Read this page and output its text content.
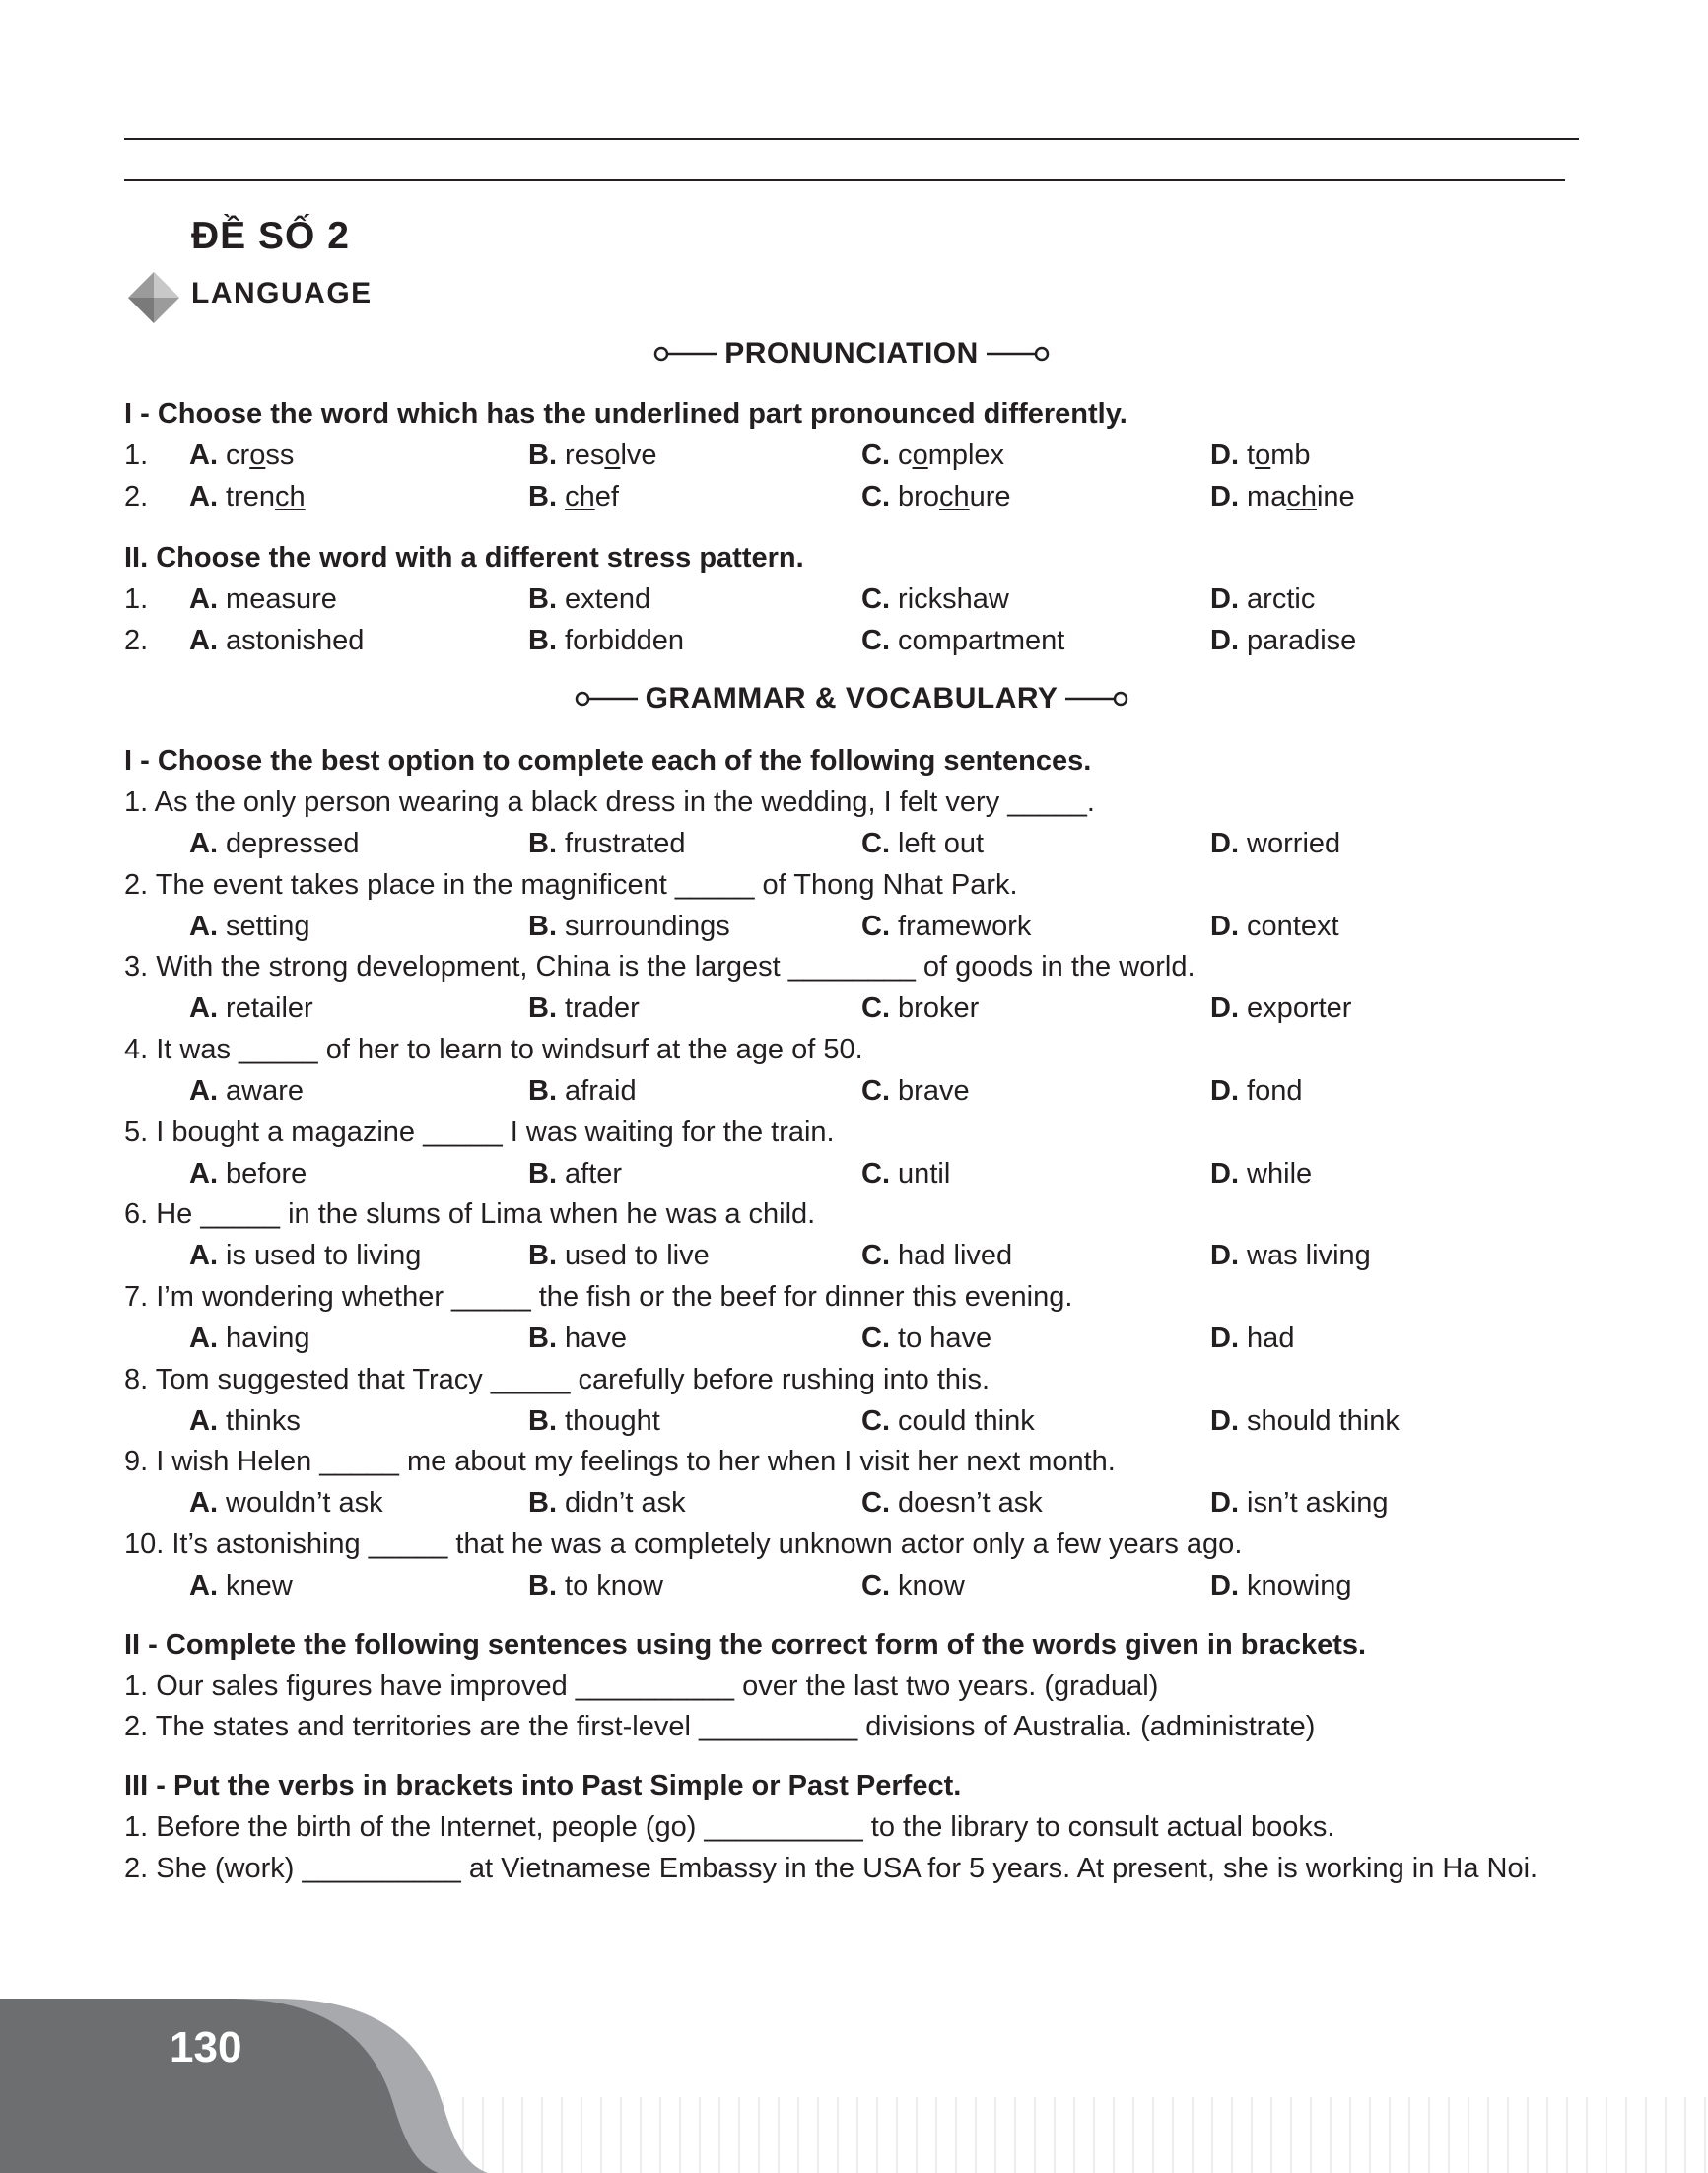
ĐỀ SỐ 2
LANGUAGE
PRONUNCIATION

I - Choose the word which has the underlined part pronounced differently.

1. A. cross	B. resolve	C. complex	D. tomb
2. A. trench	B. chef	C. brochure	D. machine

II. Choose the word with a different stress pattern.

1. A. measure	B. extend	C. rickshaw	D. arctic
2. A. astonished	B. forbidden	C. compartment	D. paradise
GRAMMAR & VOCABULARY

I - Choose the best option to complete each of the following sentences.

1. As the only person wearing a black dress in the wedding, I felt very _____.
A. depressed	B. frustrated	C. left out	D. worried
2. The event takes place in the magnificent _____ of Thong Nhat Park.
A. setting	B. surroundings	C. framework	D. context
3. With the strong development, China is the largest ________ of goods in the world.
A. retailer	B. trader	C. broker	D. exporter
4. It was _____ of her to learn to windsurf at the age of 50.
A. aware	B. afraid	C. brave	D. fond
5. I bought a magazine _____ I was waiting for the train.
A. before	B. after	C. until	D. while
6. He _____ in the slums of Lima when he was a child.
A. is used to living	B. used to live	C. had lived	D. was living
7. I’m wondering whether _____ the fish or the beef for dinner this evening.
A. having	B. have	C. to have	D. had
8. Tom suggested that Tracy _____ carefully before rushing into this.
A. thinks	B. thought	C. could think	D. should think
9. I wish Helen _____ me about my feelings to her when I visit her next month.
A. wouldn’t ask	B. didn’t ask	C. doesn’t ask	D. isn’t asking
10. It’s astonishing _____ that he was a completely unknown actor only a few years ago.
A. knew	B. to know	C. know	D. knowing

II - Complete the following sentences using the correct form of the words given in brackets.

1. Our sales figures have improved __________ over the last two years. (gradual)
2. The states and territories are the first-level __________ divisions of Australia. (administrate)

III - Put the verbs in brackets into Past Simple or Past Perfect.

1. Before the birth of the Internet, people (go) __________ to the library to consult actual books.

2. She (work) __________ at Vietnamese Embassy in the USA for 5 years. At present, she is working in Ha Noi.

130
